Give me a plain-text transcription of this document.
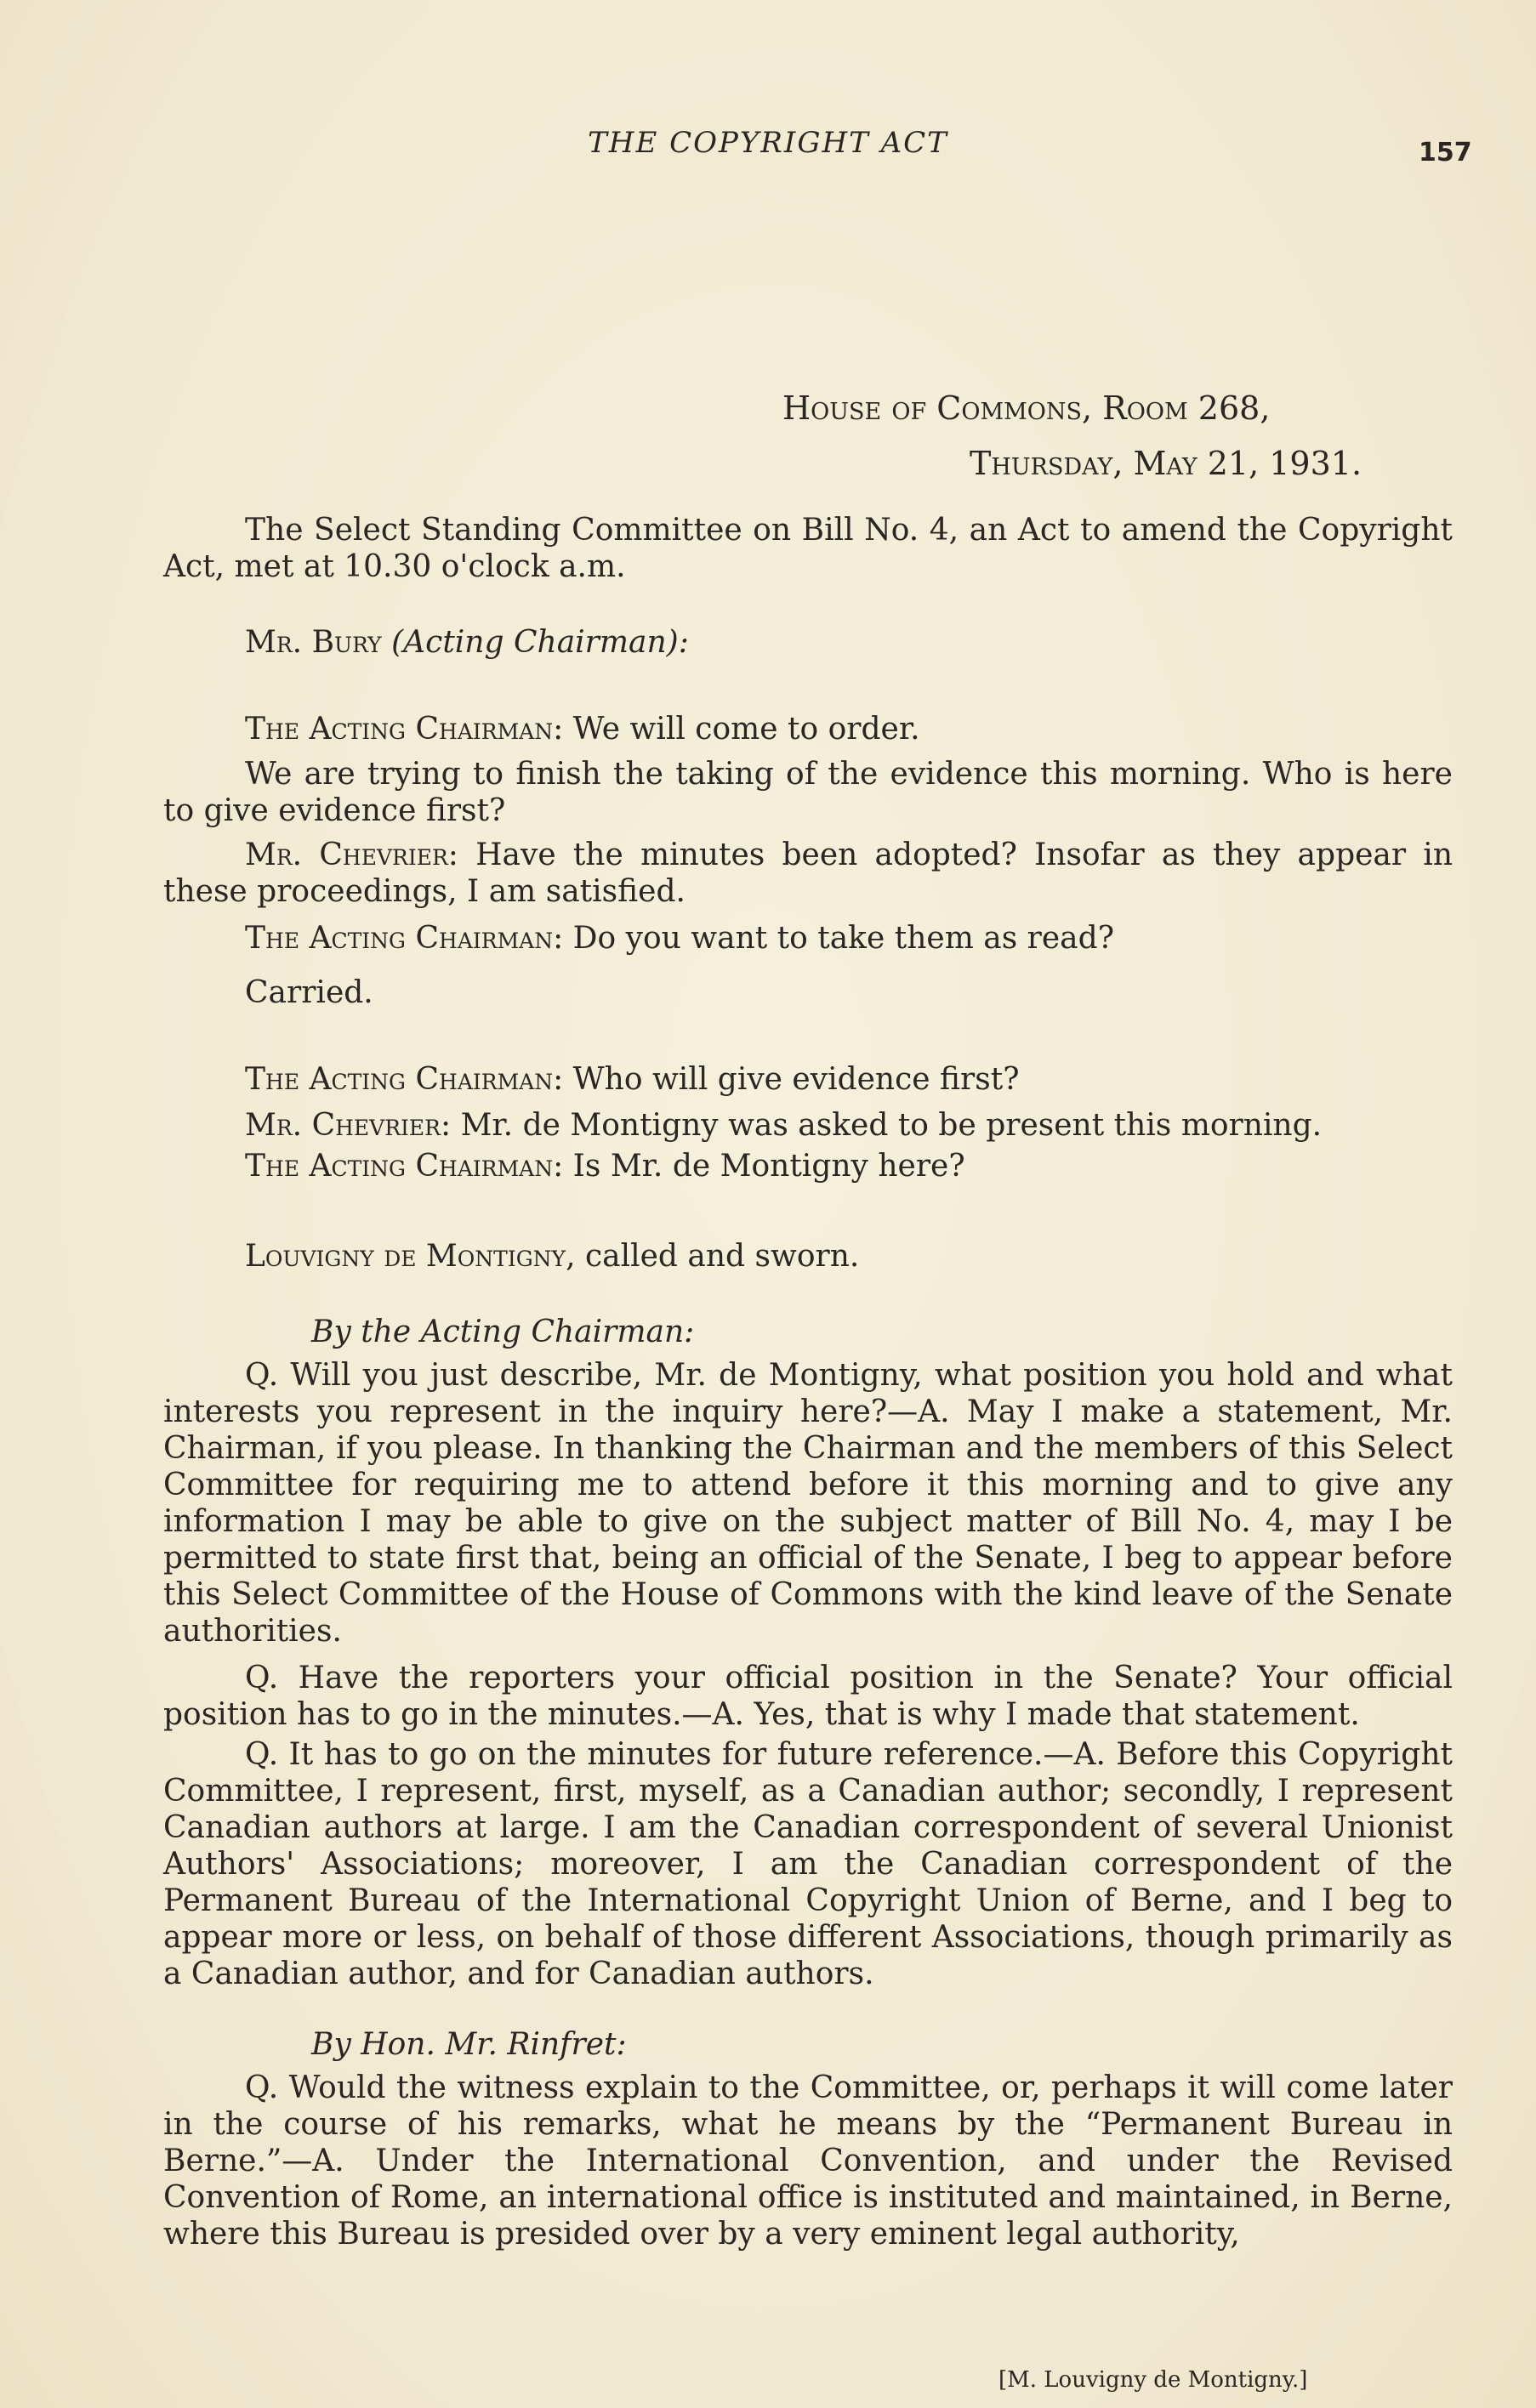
THE COPYRIGHT ACT	157
House of Commons, Room 268,
Thursday, May 21, 1931.

The Select Standing Committee on Bill No. 4, an Act to amend the Copyright Act, met at 10.30 o'clock a.m.

Mr. Bury (Acting Chairman):
The Acting Chairman: We will come to order.
We are trying to finish the taking of the evidence this morning. Who is here to give evidence first?
Mr. Chevrier: Have the minutes been adopted? Insofar as they appear in these proceedings, I am satisfied.
The Acting Chairman: Do you want to take them as read?
Carried.
The Acting Chairman: Who will give evidence first?
Mr. Chevrier: Mr. de Montigny was asked to be present this morning.
The Acting Chairman: Is Mr. de Montigny here?
Louvigny de Montigny, called and sworn.
By the Acting Chairman:

Q. Will you just describe, Mr. de Montigny, what position you hold and what interests you represent in the inquiry here?—A. May I make a statement, Mr. Chairman, if you please. In thanking the Chairman and the members of this Select Committee for requiring me to attend before it this morning and to give any information I may be able to give on the subject matter of Bill No. 4, may I be permitted to state first that, being an official of the Senate, I beg to appear before this Select Committee of the House of Commons with the kind leave of the Senate authorities.

Q. Have the reporters your official position in the Senate? Your official position has to go in the minutes.—A. Yes, that is why I made that statement.

Q. It has to go on the minutes for future reference.—A. Before this Copyright Committee, I represent, first, myself, as a Canadian author; secondly, I represent Canadian authors at large. I am the Canadian correspondent of several Unionist Authors' Associations; moreover, I am the Canadian correspondent of the Permanent Bureau of the International Copyright Union of Berne, and I beg to appear more or less, on behalf of those different Associations, though primarily as a Canadian author, and for Canadian authors.

By Hon. Mr. Rinfret:

Q. Would the witness explain to the Committee, or, perhaps it will come later in the course of his remarks, what he means by the “Permanent Bureau in Berne.”—A. Under the International Convention, and under the Revised Convention of Rome, an international office is instituted and maintained, in Berne, where this Bureau is presided over by a very eminent legal authority,

[M. Louvigny de Montigny.]
